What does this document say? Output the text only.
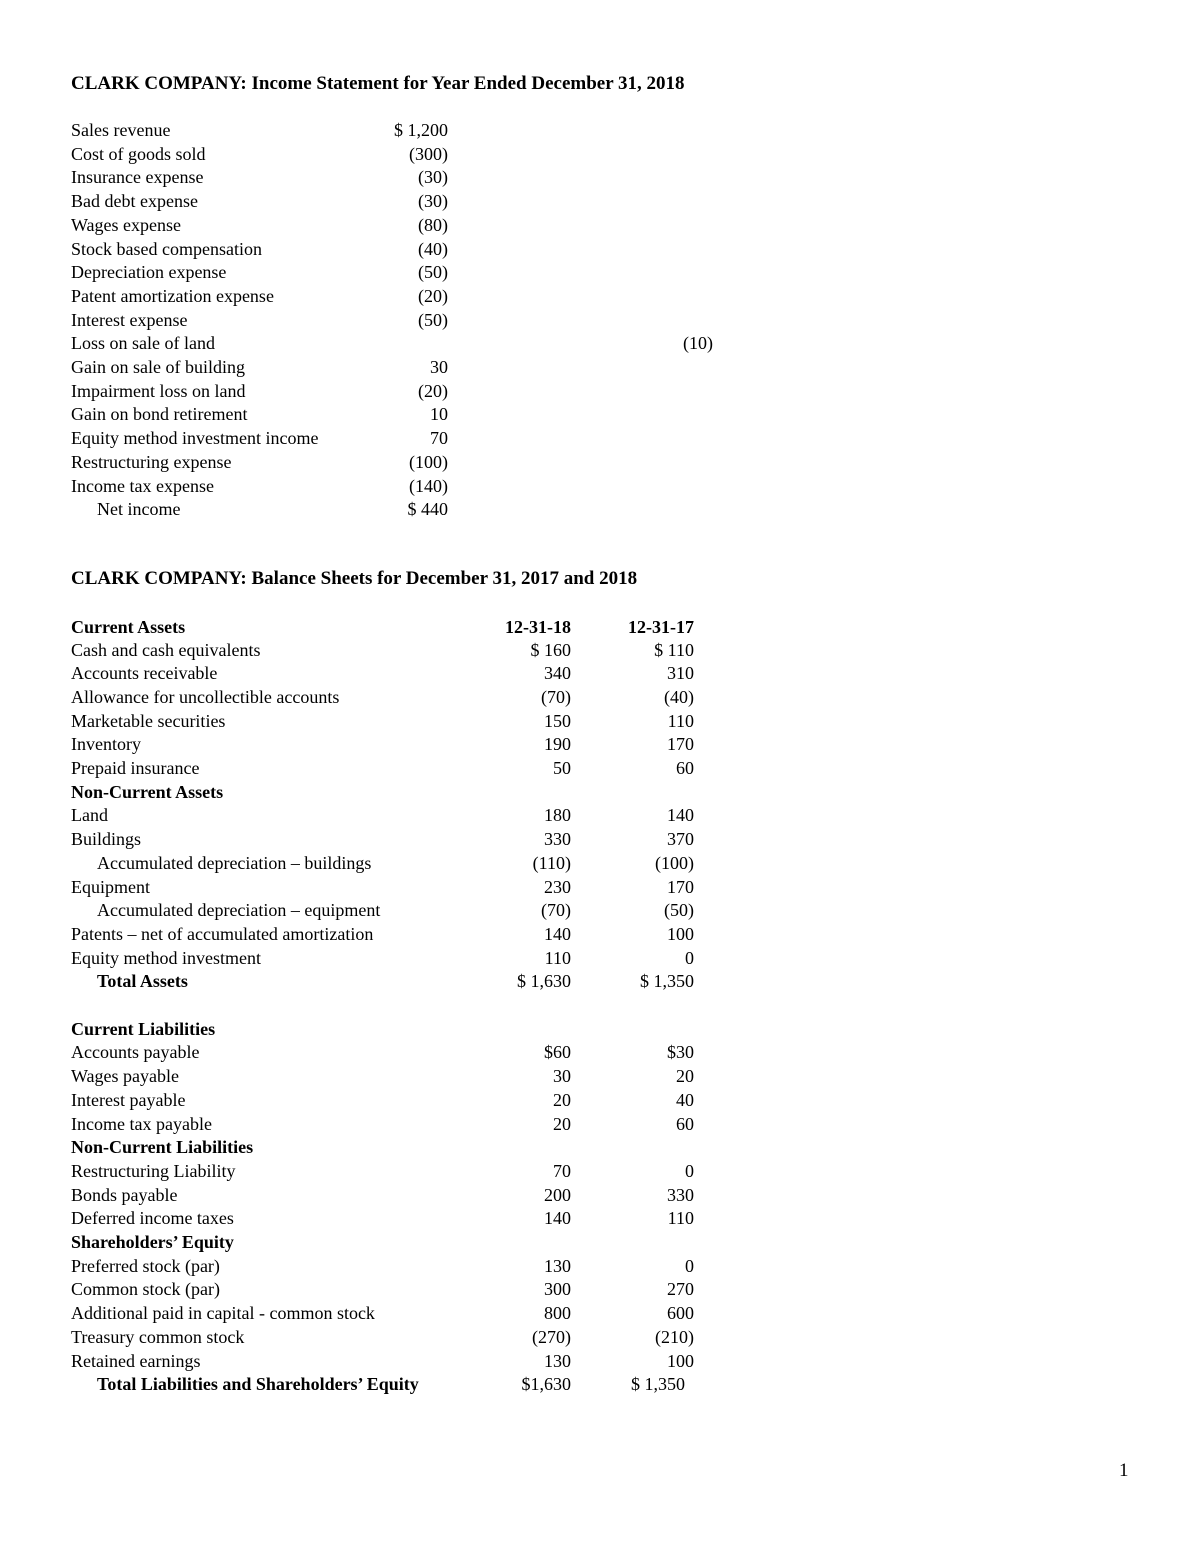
CLARK COMPANY: Income Statement for Year Ended December 31, 2018
Sales revenue	$ 1,200
Cost of goods sold	(300)
Insurance expense	(30)
Bad debt expense	(30)
Wages expense	(80)
Stock based compensation	(40)
Depreciation expense	(50)
Patent amortization expense	(20)
Interest expense	(50)
Loss on sale of land	(10)
Gain on sale of building	30
Impairment loss on land	(20)
Gain on bond retirement	10
Equity method investment income	70
Restructuring expense	(100)
Income tax expense	(140)
Net income	$ 440
CLARK COMPANY: Balance Sheets for December 31, 2017 and 2018
Current Assets	12-31-18	12-31-17
Cash and cash equivalents	$ 160	$ 110
Accounts receivable	340	310
Allowance for uncollectible accounts	(70)	(40)
Marketable securities	150	110
Inventory	190	170
Prepaid insurance	50	60
Non-Current Assets
Land	180	140
Buildings	330	370
Accumulated depreciation – buildings	(110)	(100)
Equipment	230	170
Accumulated depreciation – equipment	(70)	(50)
Patents – net of accumulated amortization	140	100
Equity method investment	110	0
Total Assets	$ 1,630	$ 1,350
Current Liabilities
Accounts payable	$60	$30
Wages payable	30	20
Interest payable	20	40
Income tax payable	20	60
Non-Current Liabilities
Restructuring Liability	70	0
Bonds payable	200	330
Deferred income taxes	140	110
Shareholders’ Equity
Preferred stock (par)	130	0
Common stock (par)	300	270
Additional paid in capital - common stock	800	600
Treasury common stock	(270)	(210)
Retained earnings	130	100
Total Liabilities and Shareholders’ Equity	$1,630	$ 1,350
1
